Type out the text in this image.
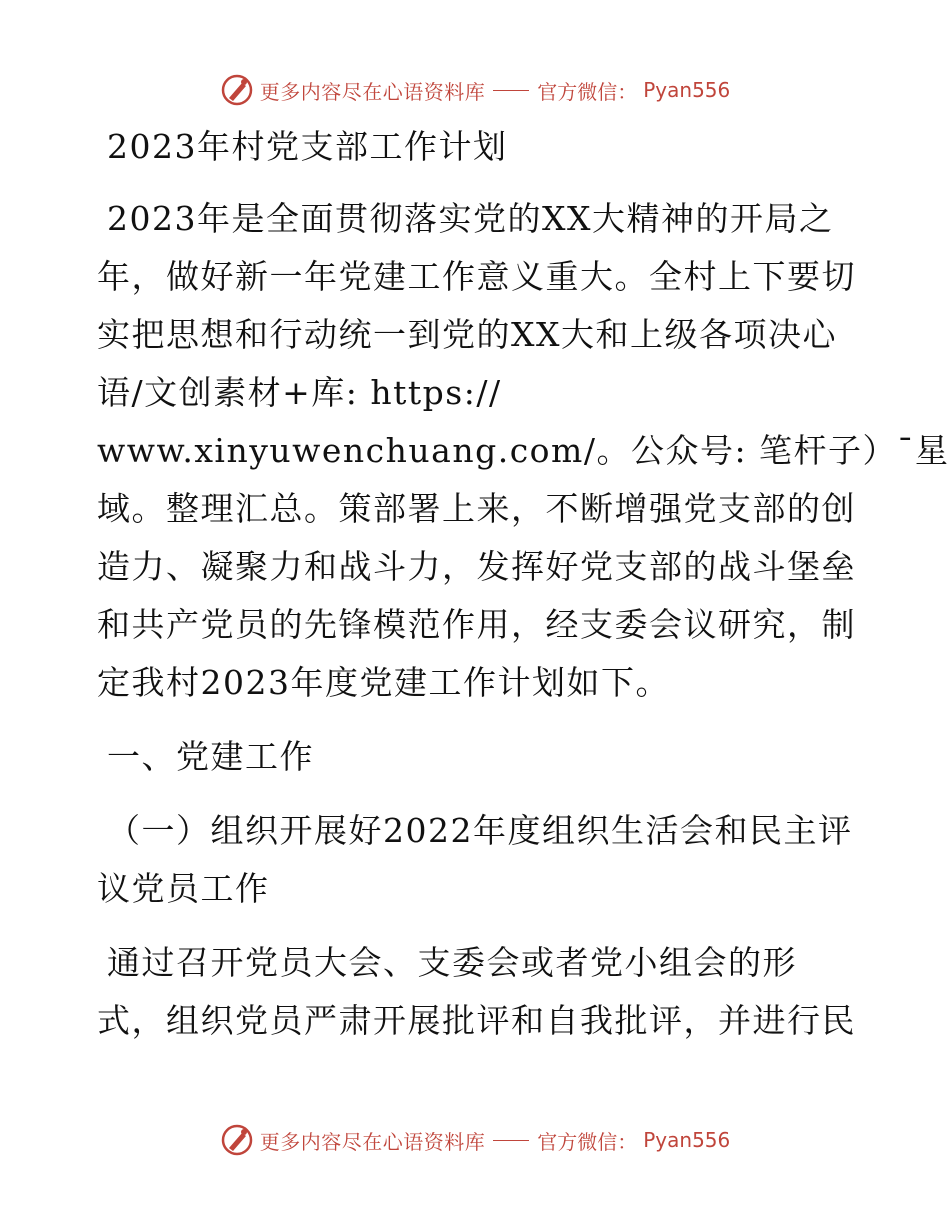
更多内容尽在心语资料库	官方微信： Pyan556
2023年村党支部工作计划
2023年是全面贯彻落实党的XX大精神的开局之
年，做好新一年党建工作意义重大。全村上下要切
实把思想和行动统一到党的XX大和上级各项决心
语/文创素材+库: https://
www.xinyuwenchuang.com/。公众号: 笔杆子）¯星
域。整理汇总。策部署上来，不断增强党支部的创
造力、凝聚力和战斗力，发挥好党支部的战斗堡垒
和共产党员的先锋模范作用，经支委会议研究，制
定我村2023年度党建工作计划如下。
一、党建工作
（一）组织开展好2022年度组织生活会和民主评
议党员工作
通过召开党员大会、支委会或者党小组会的形
式，组织党员严肃开展批评和自我批评，并进行民
更多内容尽在心语资料库	官方微信： Pyan556
